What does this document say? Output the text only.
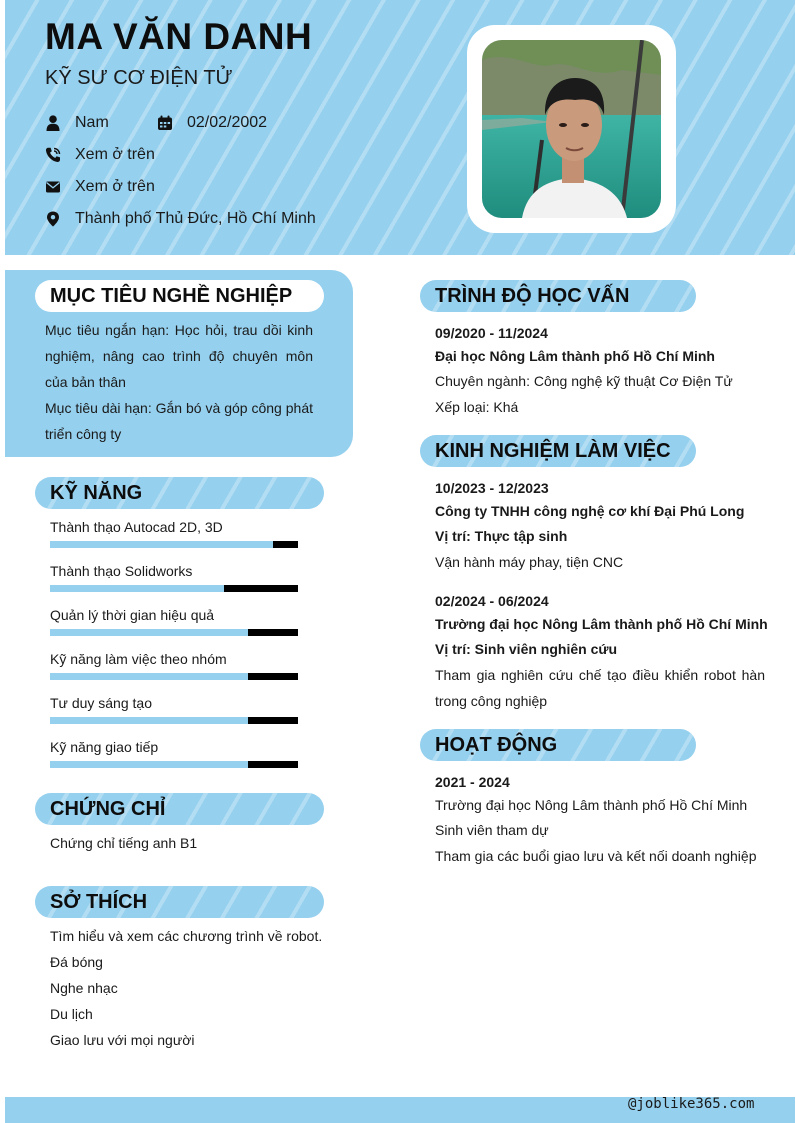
MA VĂN DANH
KỸ SƯ CƠ ĐIỆN TỬ
Nam	02/02/2002
Xem ở trên
Xem ở trên
Thành phố Thủ Đức, Hồ Chí Minh
MỤC TIÊU NGHỀ NGHIỆP
Mục tiêu ngắn hạn: Học hỏi, trau dồi kinh nghiệm, nâng cao trình độ chuyên môn của bản thân
Mục tiêu dài hạn: Gắn bó và góp công phát triển công ty
KỸ NĂNG
Thành thạo Autocad 2D, 3D
Thành thạo Solidworks
Quản lý thời gian hiệu quả
Kỹ năng làm việc theo nhóm
Tư duy sáng tạo
Kỹ năng giao tiếp
CHỨNG CHỈ
Chứng chỉ tiếng anh B1
SỞ THÍCH
Tìm hiểu và xem các chương trình về robot.
Đá bóng
Nghe nhạc
Du lịch
Giao lưu với mọi người
TRÌNH ĐỘ HỌC VẤN
09/2020 - 11/2024
Đại học Nông Lâm thành phố Hồ Chí Minh
Chuyên ngành: Công nghệ kỹ thuật Cơ Điện Tử
Xếp loại: Khá
KINH NGHIỆM LÀM VIỆC
10/2023 - 12/2023
Công ty TNHH công nghệ cơ khí Đại Phú Long
Vị trí: Thực tập sinh
Vận hành máy phay, tiện CNC
02/2024 - 06/2024
Trường đại học Nông Lâm thành phố Hồ Chí Minh
Vị trí: Sinh viên nghiên cứu
Tham gia nghiên cứu chế tạo điều khiển robot hàn trong công nghiệp
HOẠT ĐỘNG
2021 - 2024
Trường đại học Nông Lâm thành phố Hồ Chí Minh
Sinh viên tham dự
Tham gia các buổi giao lưu và kết nối doanh nghiệp
@joblike365.com
